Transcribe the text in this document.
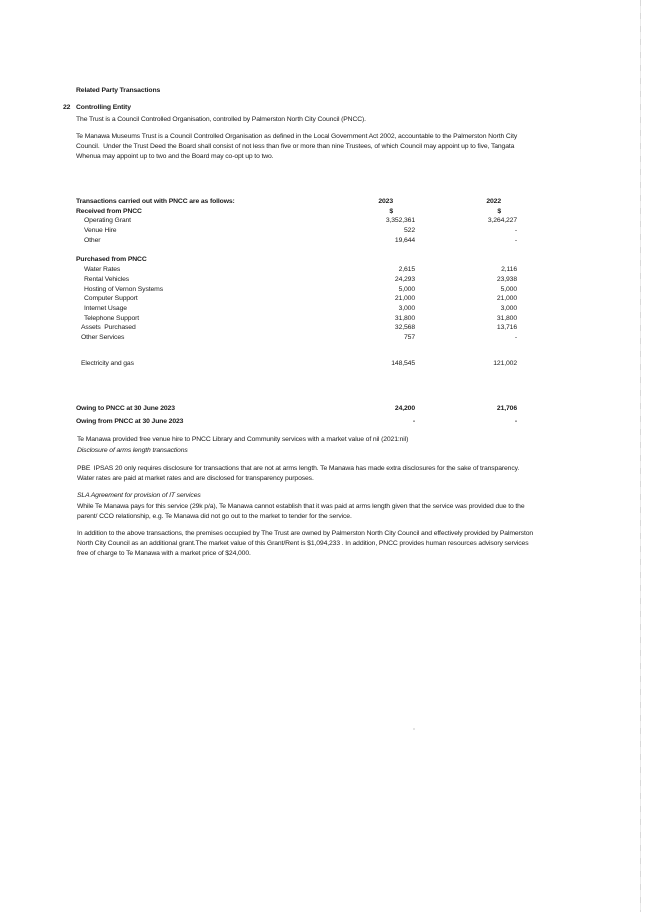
Related Party Transactions
22 Controlling Entity
The Trust is a Council Controlled Organisation, controlled by Palmerston North City Council (PNCC).
Te Manawa Museums Trust is a Council Controlled Organisation as defined in the Local Government Act 2002, accountable to the Palmerston North City Council.  Under the Trust Deed the Board shall consist of not less than five or more than nine Trustees, of which Council may appoint up to five, Tangata Whenua may appoint up to two and the Board may co-opt up to two.
Transactions carried out with PNCC are as follows:	2023	2022
Received from PNCC	$	$
Operating Grant	3,352,361	3,264,227
Venue Hire	522	-
Other	19,644	-
Purchased from PNCC
Water Rates	2,615	2,116
Rental Vehicles	24,293	23,938
Hosting of Vernon Systems	5,000	5,000
Computer Support	21,000	21,000
Internet Usage	3,000	3,000
Telephone Support	31,800	31,800
Assets  Purchased	32,568	13,716
Other Services	757	-
Electricity and gas	148,545	121,002
Owing to PNCC at 30 June 2023	24,200	21,706
Owing from PNCC at 30 June 2023	-	-
Te Manawa provided free venue hire to PNCC Library and Community services with a market value of nil (2021:nil)
Disclosure of arms length transactions
PBE  IPSAS 20 only requires disclosure for transactions that are not at arms length. Te Manawa has made extra disclosures for the sake of transparency. Water rates are paid at market rates and are disclosed for transparency purposes.
SLA Agreement for provision of IT services
While Te Manawa pays for this service (29k p/a), Te Manawa cannot establish that it was paid at arms length given that the service was provided due to the parent/ CCO relationship, e.g. Te Manawa did not go out to the market to tender for the service.
In addition to the above transactions, the premises occupied by The Trust are owned by Palmerston North City Council and effectively provided by Palmerston North City Council as an additional grant.The market value of this Grant/Rent is $1,094,233 . In addition, PNCC provides human resources advisory services free of charge to Te Manawa with a market price of $24,000.
